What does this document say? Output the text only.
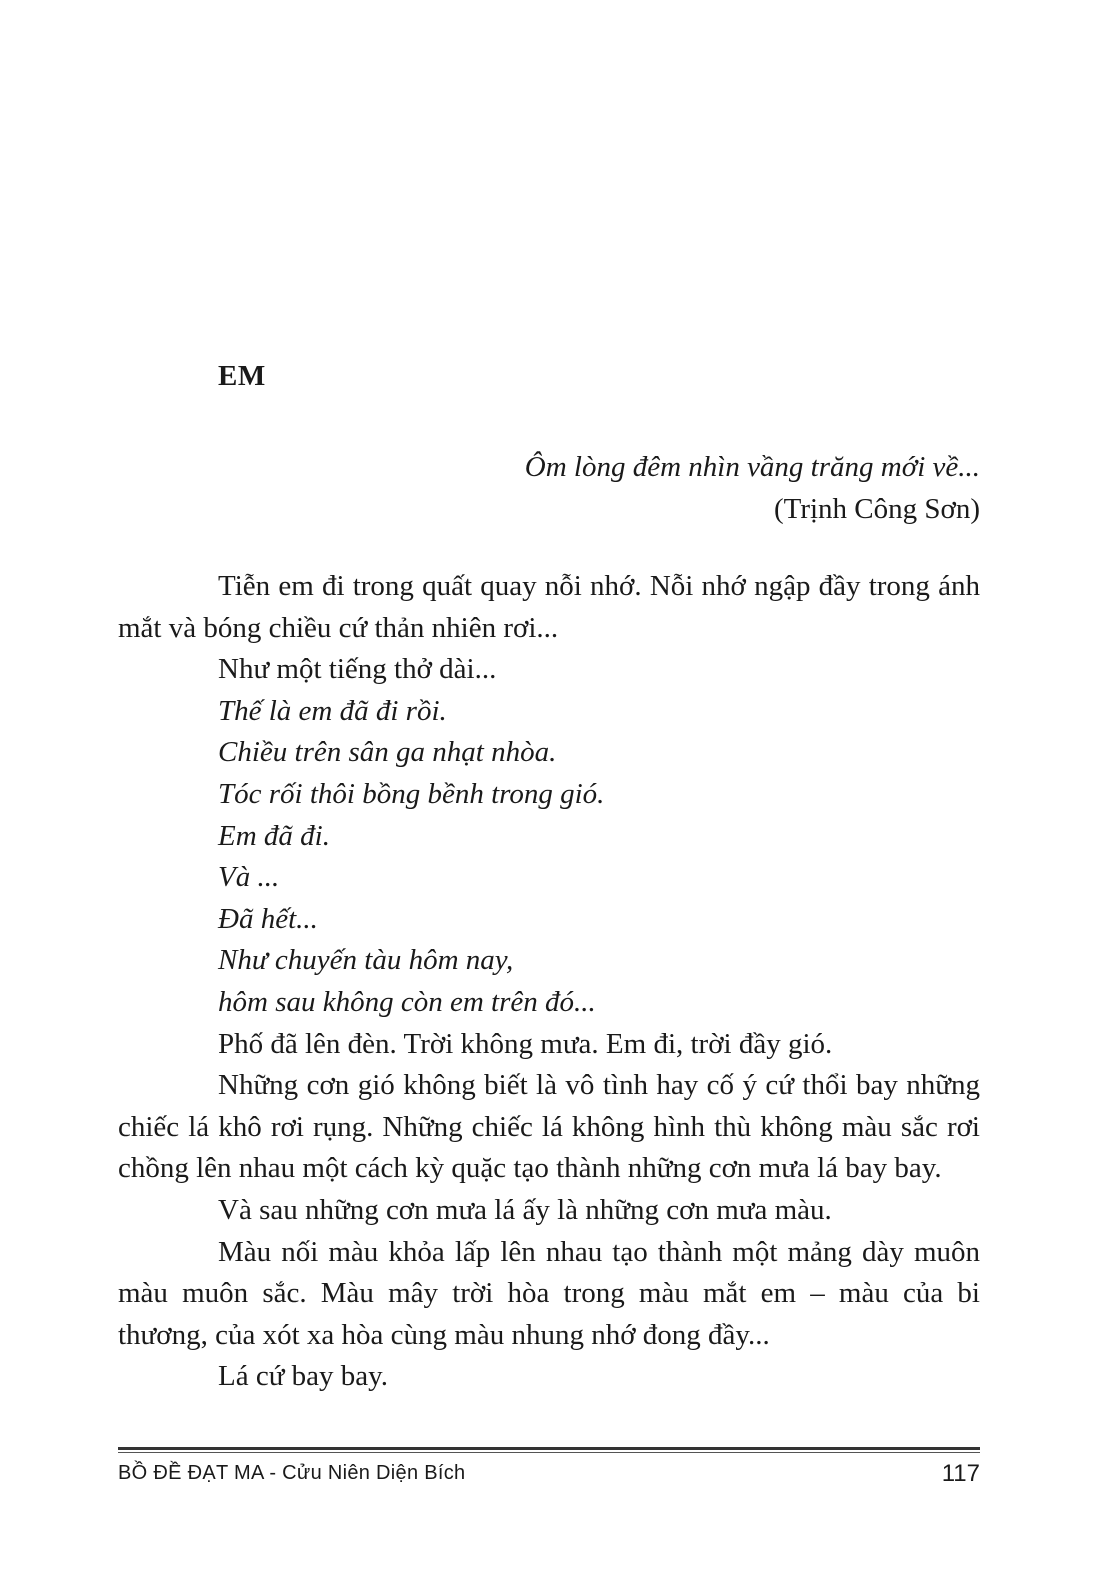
EM
Ôm lòng đêm nhìn vầng trăng mới về...
(Trịnh Công Sơn)

Tiễn em đi trong quất quay nỗi nhớ. Nỗi nhớ ngập đầy trong ánh mắt và bóng chiều cứ thản nhiên rơi...

Như một tiếng thở dài...

Thế là em đã đi rồi.

Chiều trên sân ga nhạt nhòa.

Tóc rối thôi bồng bềnh trong gió.

Em đã đi.

Và ...

Đã hết...

Như chuyến tàu hôm nay,

hôm sau không còn em trên đó...

Phố đã lên đèn. Trời không mưa. Em đi, trời đầy gió.

Những cơn gió không biết là vô tình hay cố ý cứ thổi bay những chiếc lá khô rơi rụng. Những chiếc lá không hình thù không màu sắc rơi chồng lên nhau một cách kỳ quặc tạo thành những cơn mưa lá bay bay.

Và sau những cơn mưa lá ấy là những cơn mưa màu.

Màu nối màu khỏa lấp lên nhau tạo thành một mảng dày muôn màu muôn sắc. Màu mây trời hòa trong màu mắt em – màu của bi thương, của xót xa hòa cùng màu nhung nhớ đong đầy...

Lá cứ bay bay.

BỒ ĐỀ ĐẠT MA - Cửu Niên Diện Bích	117
